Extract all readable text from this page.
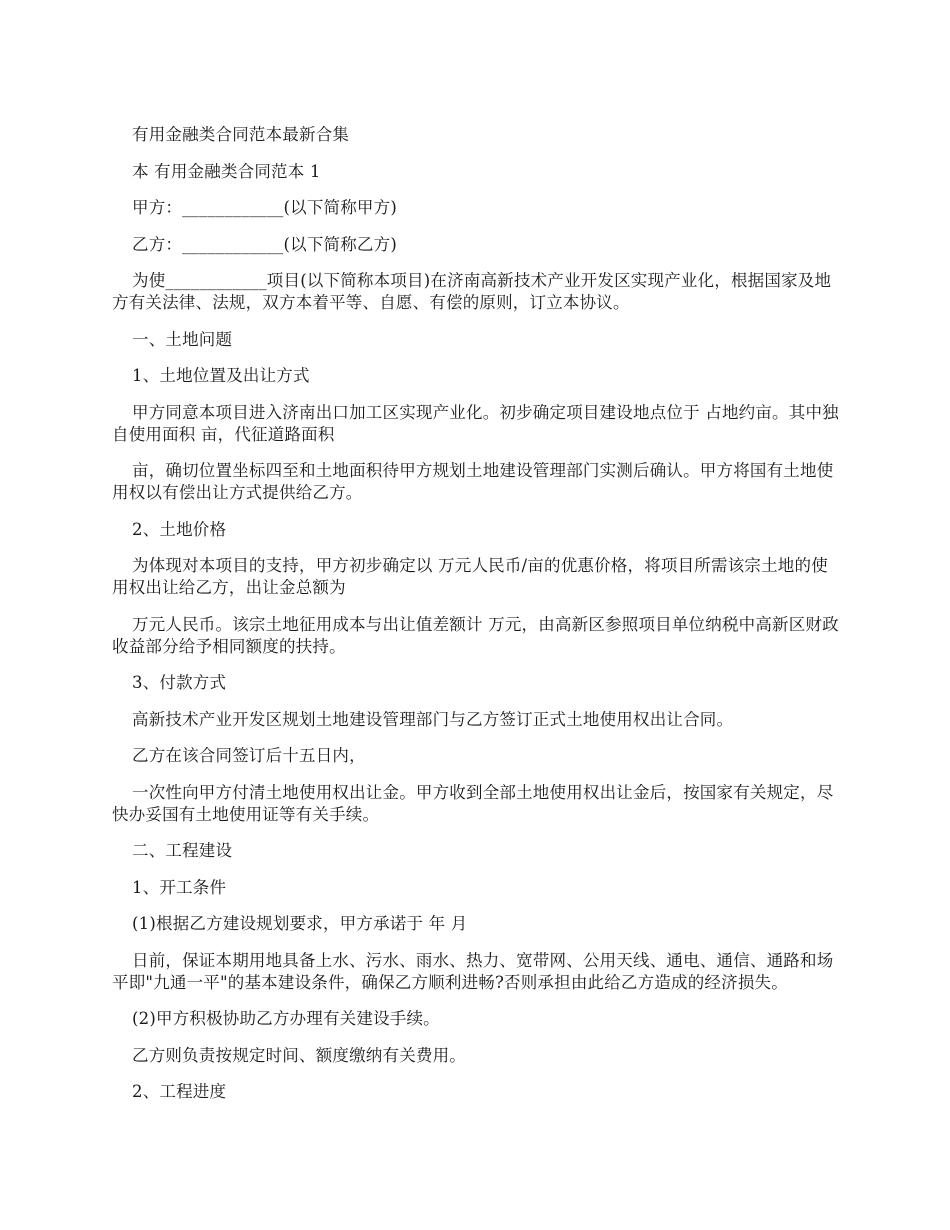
有用金融类合同范本最新合集

本 有用金融类合同范本 1

甲方：____________(以下简称甲方)

乙方：____________(以下简称乙方)

为使____________项目(以下简称本项目)在济南高新技术产业开发区实现产业化，根据国家及地方有关法律、法规，双方本着平等、自愿、有偿的原则，订立本协议。

一、土地问题

1、土地位置及出让方式

甲方同意本项目进入济南出口加工区实现产业化。初步确定项目建设地点位于 占地约亩。其中独自使用面积 亩，代征道路面积

亩，确切位置坐标四至和土地面积待甲方规划土地建设管理部门实测后确认。甲方将国有土地使用权以有偿出让方式提供给乙方。

2、土地价格

为体现对本项目的支持，甲方初步确定以 万元人民币/亩的优惠价格，将项目所需该宗土地的使用权出让给乙方，出让金总额为

万元人民币。该宗土地征用成本与出让值差额计 万元，由高新区参照项目单位纳税中高新区财政收益部分给予相同额度的扶持。

3、付款方式

高新技术产业开发区规划土地建设管理部门与乙方签订正式土地使用权出让合同。

乙方在该合同签订后十五日内，

一次性向甲方付清土地使用权出让金。甲方收到全部土地使用权出让金后，按国家有关规定，尽快办妥国有土地使用证等有关手续。

二、工程建设

1、开工条件

(1)根据乙方建设规划要求，甲方承诺于 年 月

日前，保证本期用地具备上水、污水、雨水、热力、宽带网、公用天线、通电、通信、通路和场平即"九通一平"的基本建设条件，确保乙方顺利进畅?否则承担由此给乙方造成的经济损失。

(2)甲方积极协助乙方办理有关建设手续。

乙方则负责按规定时间、额度缴纳有关费用。

2、工程进度
